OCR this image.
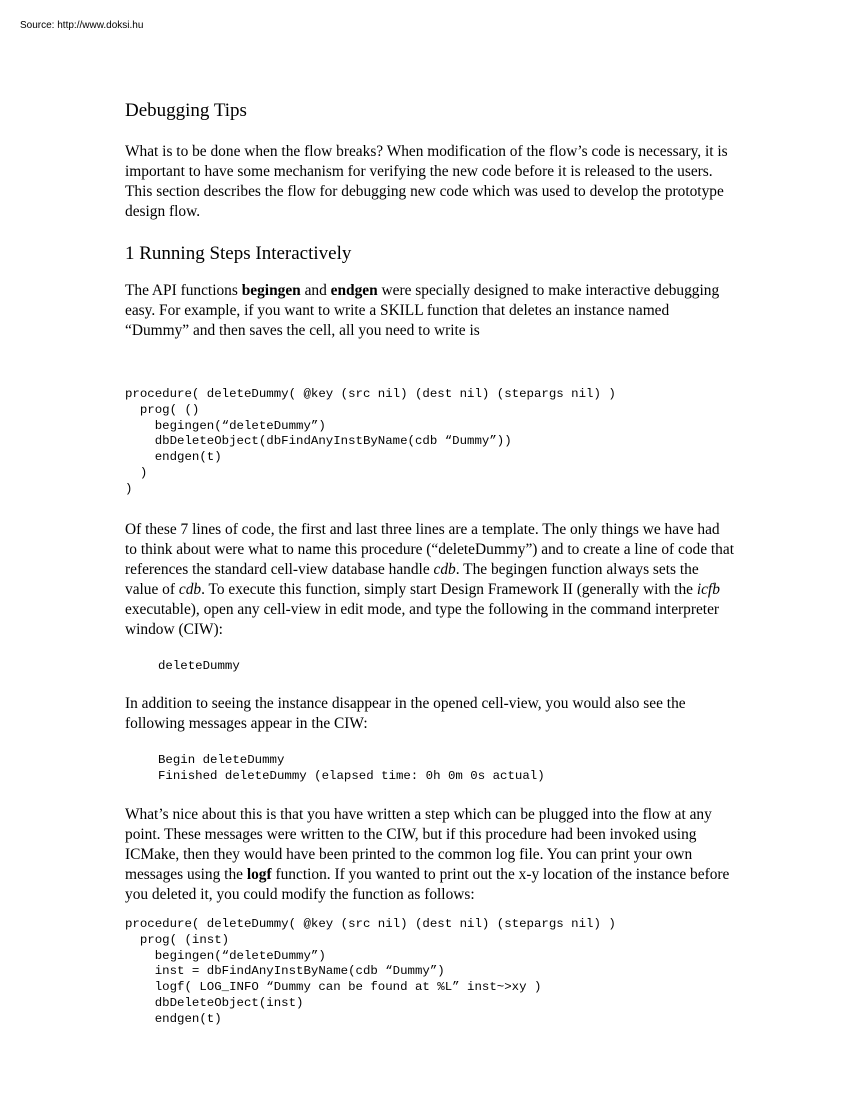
Source: http://www.doksi.hu
Debugging Tips

What is to be done when the flow breaks? When modification of the flow’s code is necessary, it is important to have some mechanism for verifying the new code before it is released to the users. This section describes the flow for debugging new code which was used to develop the prototype design flow.

1 Running Steps Interactively

The API functions begingen and endgen were specially designed to make interactive debugging easy. For example, if you want to write a SKILL function that deletes an instance named “Dummy” and then saves the cell, all you need to write is

procedure( deleteDummy( @key (src nil) (dest nil) (stepargs nil) )
prog( ()
begingen(“deleteDummy”)
dbDeleteObject(dbFindAnyInstByName(cdb “Dummy”))
endgen(t)
)
)

Of these 7 lines of code, the first and last three lines are a template. The only things we have had to think about were what to name this procedure (“deleteDummy”) and to create a line of code that references the standard cell-view database handle cdb. The begingen function always sets the value of cdb. To execute this function, simply start Design Framework II (generally with the icfb executable), open any cell-view in edit mode, and type the following in the command interpreter window (CIW):

deleteDummy

In addition to seeing the instance disappear in the opened cell-view, you would also see the following messages appear in the CIW:

Begin deleteDummy
Finished deleteDummy (elapsed time: 0h 0m 0s actual)

What’s nice about this is that you have written a step which can be plugged into the flow at any point. These messages were written to the CIW, but if this procedure had been invoked using ICMake, then they would have been printed to the common log file. You can print your own messages using the logf function. If you wanted to print out the x-y location of the instance before you deleted it, you could modify the function as follows:

procedure( deleteDummy( @key (src nil) (dest nil) (stepargs nil) )
prog( (inst)
begingen(“deleteDummy”)
inst = dbFindAnyInstByName(cdb “Dummy”)
logf( LOG_INFO “Dummy can be found at %L” inst~>xy )
dbDeleteObject(inst)
endgen(t)
